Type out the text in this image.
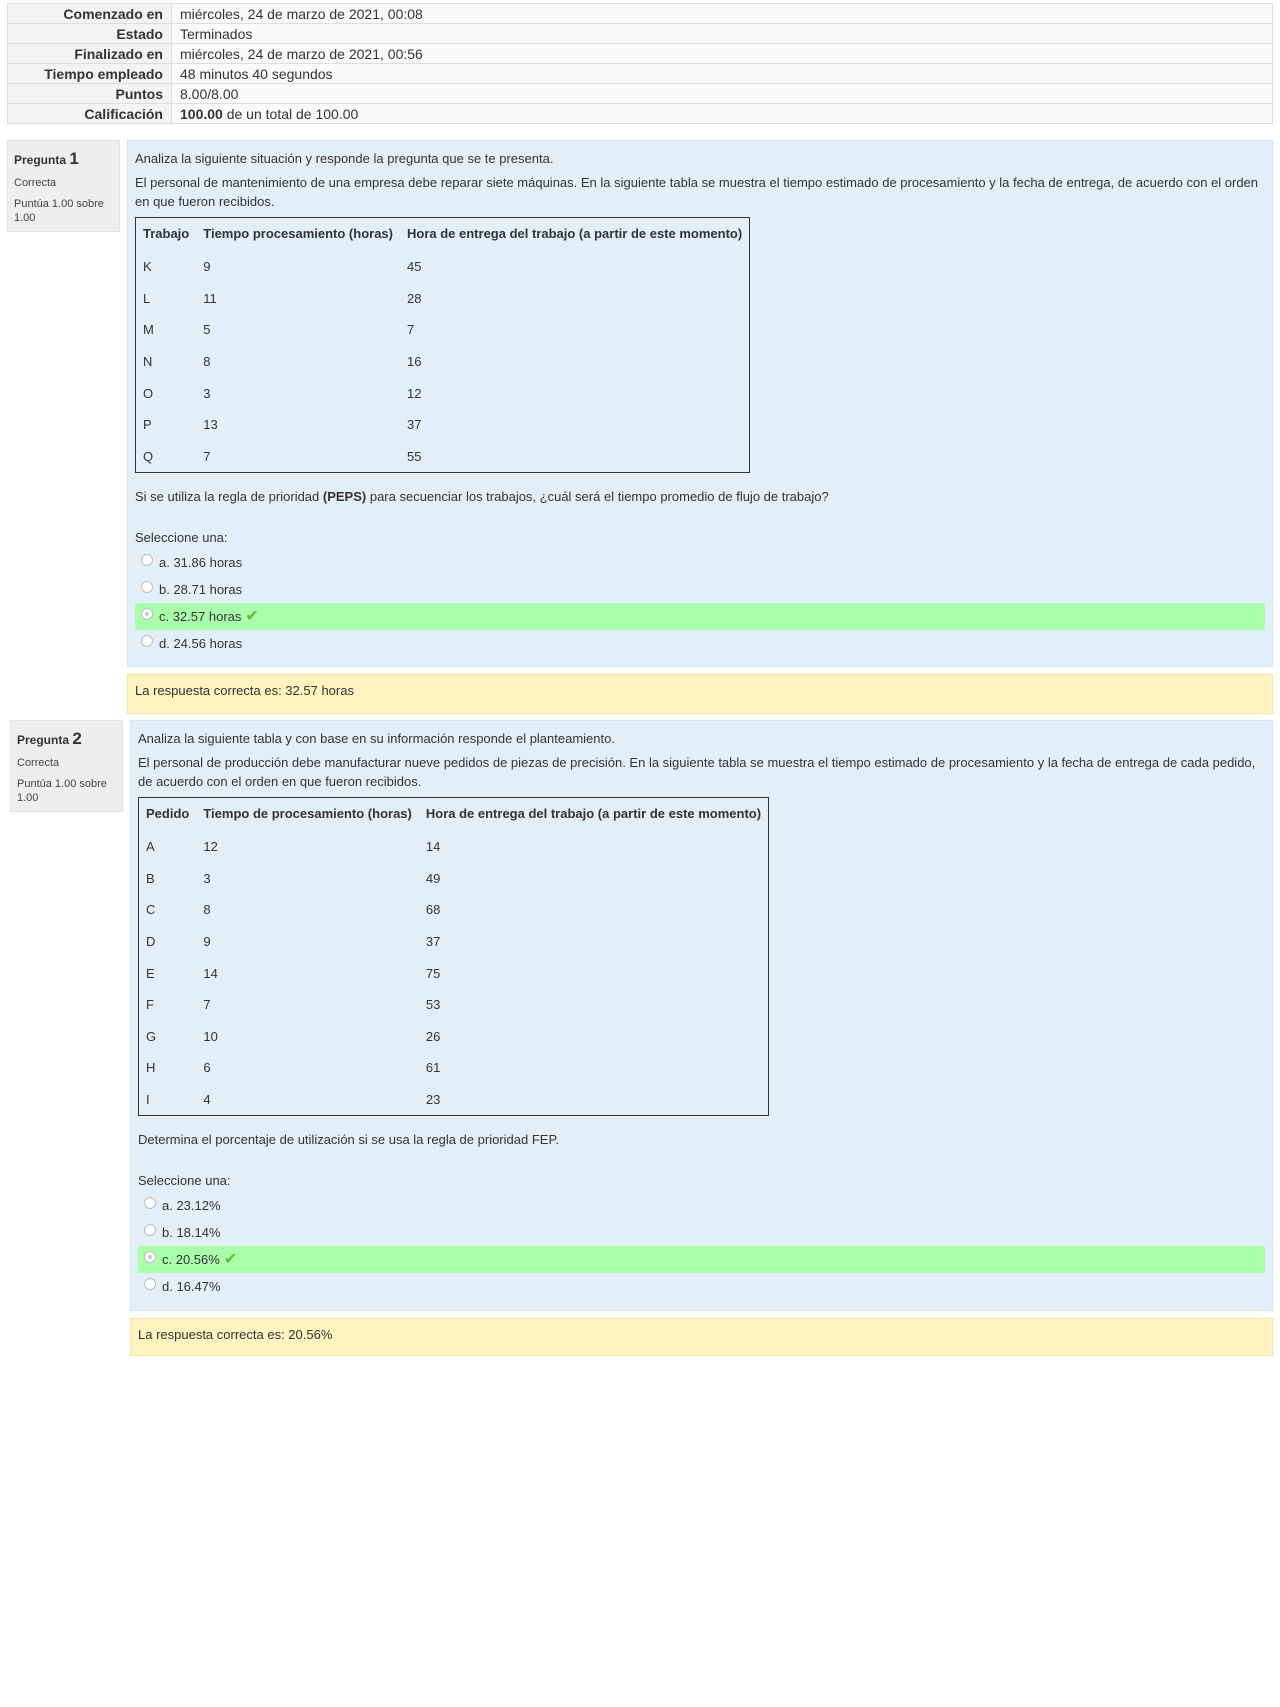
Comenzado en	miércoles, 24 de marzo de 2021, 00:08
Estado	Terminados
Finalizado en	miércoles, 24 de marzo de 2021, 00:56
Tiempo empleado	48 minutos 40 segundos
Puntos	8.00/8.00
Calificación	100.00 de un total de 100.00
Pregunta 1
Correcta
Puntúa 1.00 sobre 1.00

Analiza la siguiente situación y responde la pregunta que se te presenta.

El personal de mantenimiento de una empresa debe reparar siete máquinas. En la siguiente tabla se muestra el tiempo estimado de procesamiento y la fecha de entrega, de acuerdo con el orden en que fueron recibidos.

Trabajo	Tiempo procesamiento (horas)	Hora de entrega del trabajo (a partir de este momento)
K	9	45
L	11	28
M	5	7
N	8	16
O	3	12
P	13	37
Q	7	55

Si se utiliza la regla de prioridad (PEPS) para secuenciar los trabajos, ¿cuál será el tiempo promedio de flujo de trabajo?

Seleccione una:
a. 31.86 horas
b. 28.71 horas
c. 32.57 horas ✔
d. 24.56 horas
La respuesta correcta es: 32.57 horas
Pregunta 2
Correcta
Puntúa 1.00 sobre 1.00

Analiza la siguiente tabla y con base en su información responde el planteamiento.

El personal de producción debe manufacturar nueve pedidos de piezas de precisión. En la siguiente tabla se muestra el tiempo estimado de procesamiento y la fecha de entrega de cada pedido, de acuerdo con el orden en que fueron recibidos.

Pedido	Tiempo de procesamiento (horas)	Hora de entrega del trabajo (a partir de este momento)
A	12	14
B	3	49
C	8	68
D	9	37
E	14	75
F	7	53
G	10	26
H	6	61
I	4	23

Determina el porcentaje de utilización si se usa la regla de prioridad FEP.

Seleccione una:
a. 23.12%
b. 18.14%
c. 20.56% ✔
d. 16.47%
La respuesta correcta es: 20.56%
